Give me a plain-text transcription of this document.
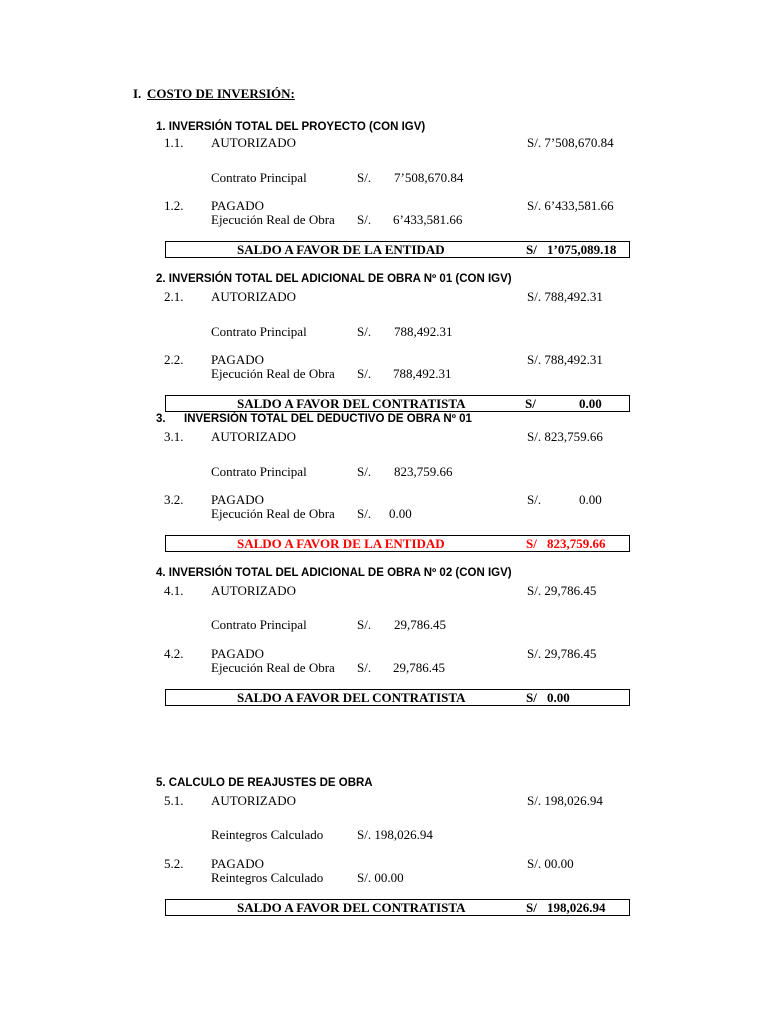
I. COSTO DE INVERSIÓN:
1. INVERSIÓN TOTAL DEL PROYECTO (CON IGV)
1.1. AUTORIZADO	S/. 7’508,670.84
Contrato Principal	S/. 7’508,670.84
1.2. PAGADO	S/. 6’433,581.66
Ejecución Real de Obra S/. 6’433,581.66
SALDO A FAVOR DE LA ENTIDAD	S/ 1’075,089.18
2. INVERSIÓN TOTAL DEL ADICIONAL DE OBRA Nº 01 (CON IGV)
2.1. AUTORIZADO	S/. 788,492.31
Contrato Principal	S/. 788,492.31
2.2. PAGADO	S/. 788,492.31
Ejecución Real de Obra S/. 788,492.31
SALDO A FAVOR DEL CONTRATISTA	S/	0.00
3. INVERSIÓN TOTAL DEL DEDUCTIVO DE OBRA Nº 01
3.1. AUTORIZADO	S/. 823,759.66
Contrato Principal	S/. 823,759.66
3.2. PAGADO	S/.	0.00
Ejecución Real de Obra S/. 0.00
SALDO A FAVOR DE LA ENTIDAD	S/ 823,759.66
4. INVERSIÓN TOTAL DEL ADICIONAL DE OBRA Nº 02 (CON IGV)
4.1. AUTORIZADO	S/. 29,786.45
Contrato Principal	S/. 29,786.45
4.2. PAGADO	S/. 29,786.45
Ejecución Real de Obra S/. 29,786.45
SALDO A FAVOR DEL CONTRATISTA	S/ 0.00
5. CALCULO DE REAJUSTES DE OBRA
5.1. AUTORIZADO	S/. 198,026.94
Reintegros Calculado	S/. 198,026.94
5.2. PAGADO	S/. 00.00
Reintegros Calculado	S/. 00.00
SALDO A FAVOR DEL CONTRATISTA	S/ 198,026.94
